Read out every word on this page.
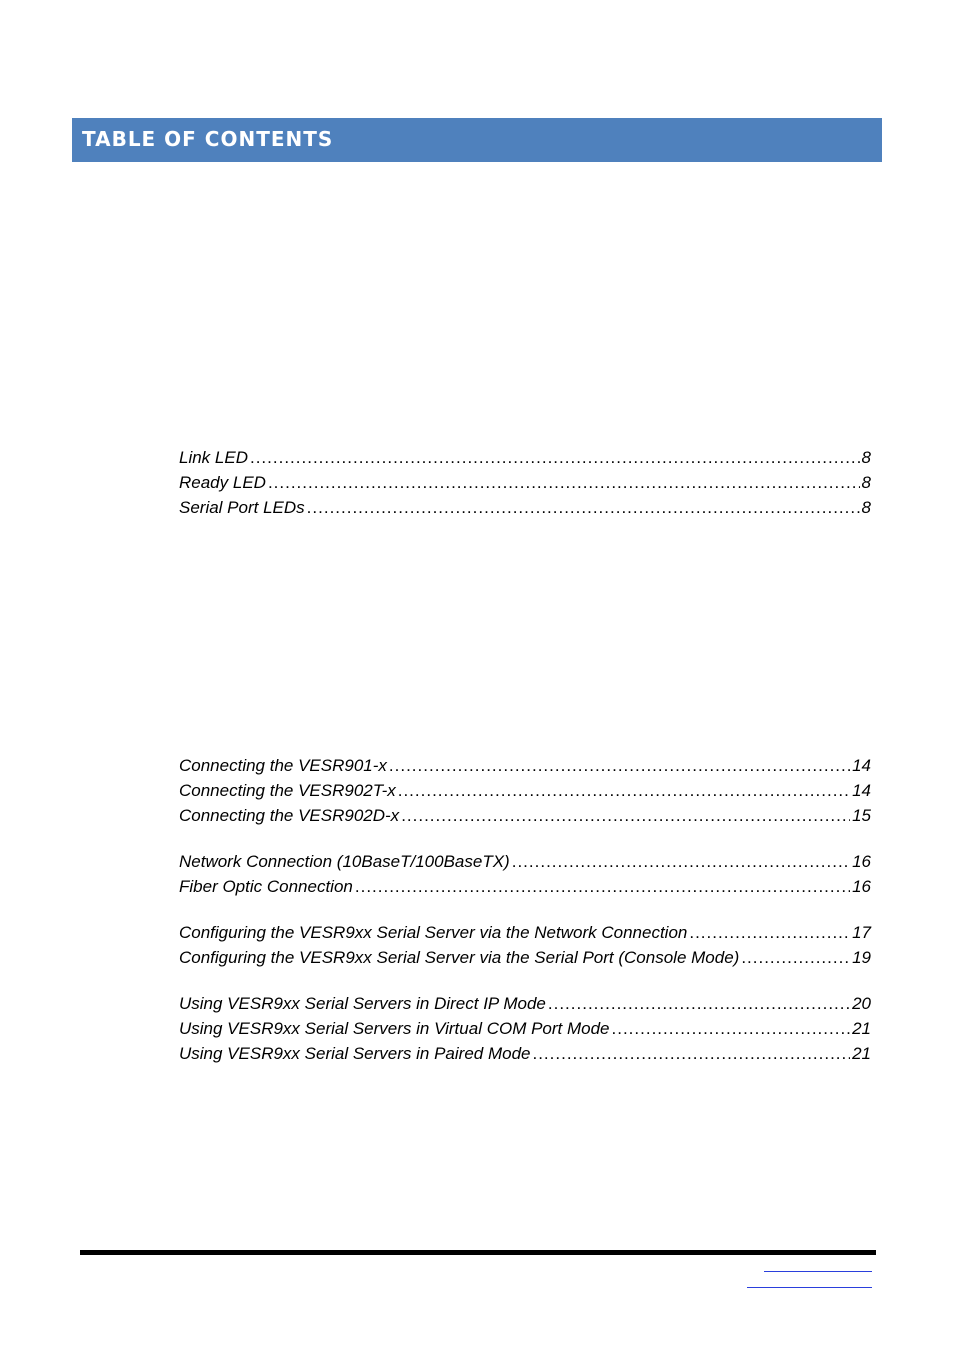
TABLE OF CONTENTS
Link LED .....	8
Ready LED .....	8
Serial Port LEDs .....	8
Connecting the VESR901-x .....	14
Connecting the VESR902T-x .....	14
Connecting the VESR902D-x .....	15
Network Connection (10BaseT/100BaseTX) .....	16
Fiber Optic Connection .....	16
Configuring the VESR9xx Serial Server via the Network Connection .....	17
Configuring the VESR9xx Serial Server via the Serial Port (Console Mode) .....	19
Using VESR9xx Serial Servers in Direct IP Mode .....	20
Using VESR9xx Serial Servers in Virtual COM Port Mode .....	21
Using VESR9xx Serial Servers in Paired Mode .....	21
